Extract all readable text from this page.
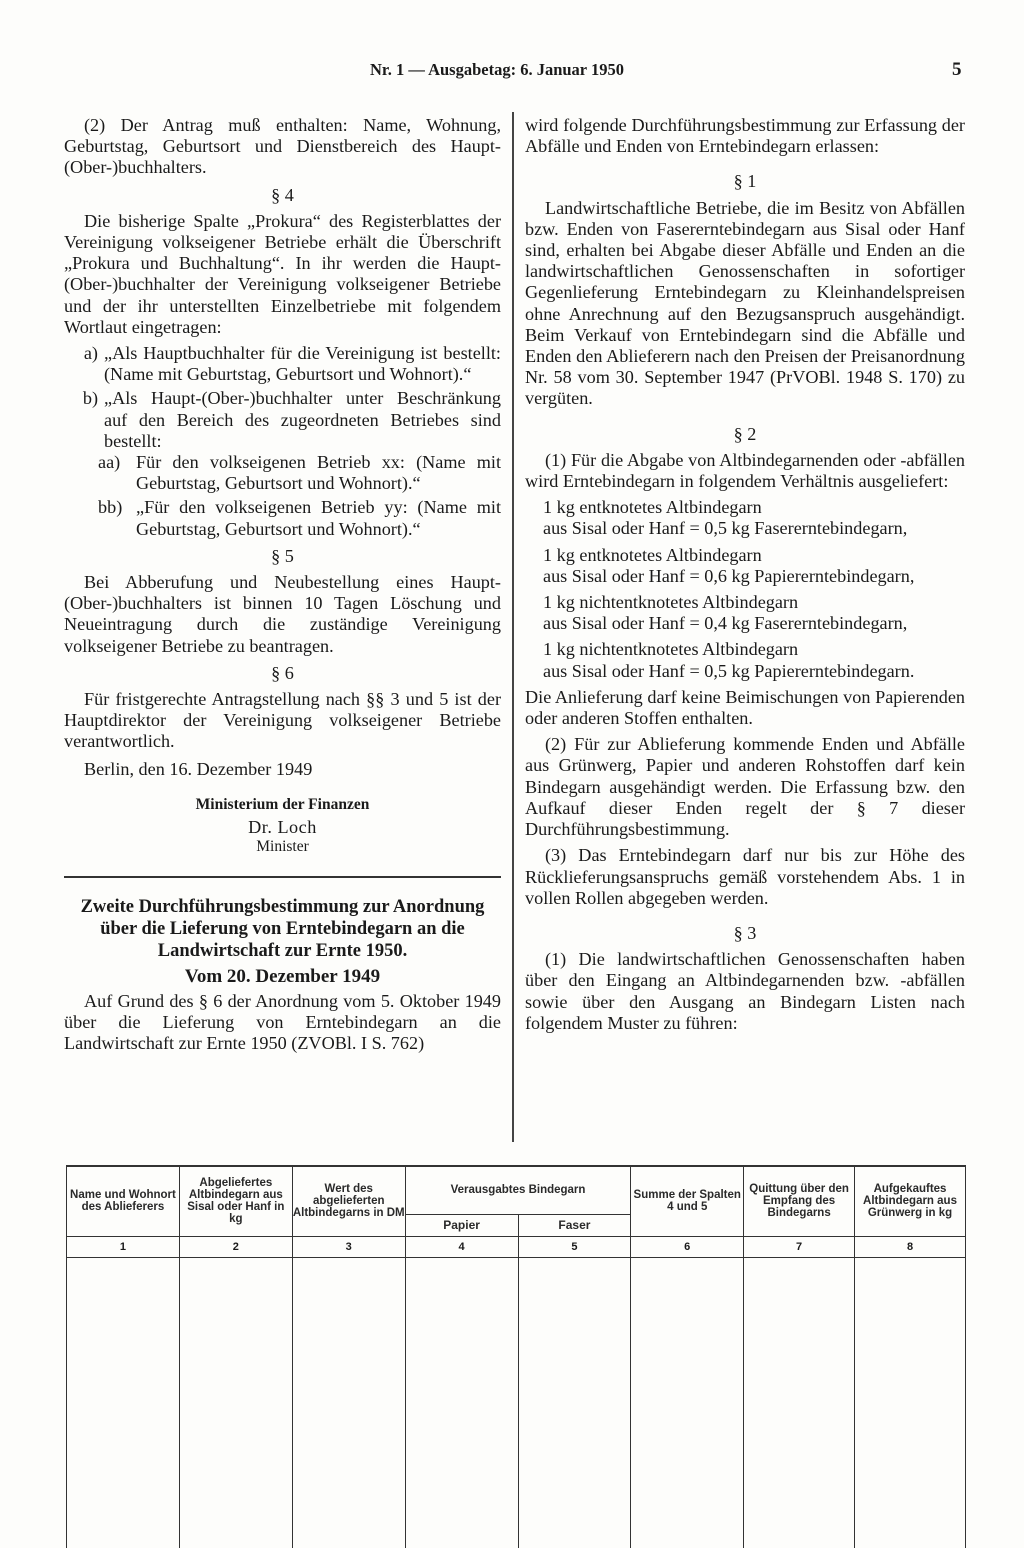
Nr. 1 — Ausgabetag: 6. Januar 1950	5

(2) Der Antrag muß enthalten: Name, Wohnung, Geburtstag, Geburtsort und Dienstbereich des Haupt-(Ober-)buchhalters.

§ 4

Die bisherige Spalte „Prokura“ des Registerblattes der Vereinigung volkseigener Betriebe erhält die Überschrift „Prokura und Buchhaltung“. In ihr werden die Haupt-(Ober-)buchhalter der Vereinigung volkseigener Betriebe und der ihr unterstellten Einzelbetriebe mit folgendem Wortlaut eingetragen:

a) „Als Hauptbuchhalter für die Vereinigung ist bestellt: (Name mit Geburtstag, Geburtsort und Wohnort).“
b) „Als Haupt-(Ober-)buchhalter unter Beschränkung auf den Bereich des zugeordneten Betriebes sind bestellt:
aa) Für den volkseigenen Betrieb xx: (Name mit Geburtstag, Geburtsort und Wohnort).“
bb) „Für den volkseigenen Betrieb yy: (Name mit Geburtstag, Geburtsort und Wohnort).“

§ 5

Bei Abberufung und Neubestellung eines Haupt-(Ober-)buchhalters ist binnen 10 Tagen Löschung und Neueintragung durch die zuständige Vereinigung volkseigener Betriebe zu beantragen.

§ 6

Für fristgerechte Antragstellung nach §§ 3 und 5 ist der Hauptdirektor der Vereinigung volkseigener Betriebe verantwortlich.

Berlin, den 16. Dezember 1949

Ministerium der Finanzen

Dr. Loch

Minister

Zweite Durchführungsbestimmung zur Anordnung über die Lieferung von Erntebindegarn an die Landwirtschaft zur Ernte 1950.

Vom 20. Dezember 1949

Auf Grund des § 6 der Anordnung vom 5. Oktober 1949 über die Lieferung von Erntebindegarn an die Landwirtschaft zur Ernte 1950 (ZVOBl. I S. 762)

wird folgende Durchführungsbestimmung zur Erfassung der Abfälle und Enden von Erntebindegarn erlassen:

§ 1

Landwirtschaftliche Betriebe, die im Besitz von Abfällen bzw. Enden von Fasererntebindegarn aus Sisal oder Hanf sind, erhalten bei Abgabe dieser Abfälle und Enden an die landwirtschaftlichen Genossenschaften in sofortiger Gegenlieferung Erntebindegarn zu Kleinhandelspreisen ohne Anrechnung auf den Bezugsanspruch ausgehändigt. Beim Verkauf von Erntebindegarn sind die Abfälle und Enden den Ablieferern nach den Preisen der Preisanordnung Nr. 58 vom 30. September 1947 (PrVOBl. 1948 S. 170) zu vergüten.

§ 2

(1) Für die Abgabe von Altbindegarnenden oder -abfällen wird Erntebindegarn in folgendem Verhältnis ausgeliefert:

1 kg entknotetes Altbindegarn

aus Sisal oder Hanf = 0,5 kg Fasererntebindegarn,

1 kg entknotetes Altbindegarn

aus Sisal oder Hanf = 0,6 kg Papiererntebindegarn,

1 kg nichtentknotetes Altbindegarn

aus Sisal oder Hanf = 0,4 kg Fasererntebindegarn,

1 kg nichtentknotetes Altbindegarn

aus Sisal oder Hanf = 0,5 kg Papiererntebindegarn.

Die Anlieferung darf keine Beimischungen von Papierenden oder anderen Stoffen enthalten.

(2) Für zur Ablieferung kommende Enden und Abfälle aus Grünwerg, Papier und anderen Rohstoffen darf kein Bindegarn ausgehändigt werden. Die Erfassung bzw. den Aufkauf dieser Enden regelt der § 7 dieser Durchführungsbestimmung.

(3) Das Erntebindegarn darf nur bis zur Höhe des Rücklieferungsanspruchs gemäß vorstehendem Abs. 1 in vollen Rollen abgegeben werden.

§ 3

(1) Die landwirtschaftlichen Genossenschaften haben über den Eingang an Altbindegarnenden bzw. -abfällen sowie über den Ausgang an Bindegarn Listen nach folgendem Muster zu führen:

Name und Wohnort des Ablieferers	Abgeliefertes Altbindegarn aus Sisal oder Hanf in kg	Wert des abgelieferten Altbindegarns in DM	Verausgabtes Bindegarn		Summe der Spalten 4 und 5	Quittung über den Empfang des Bindegarns	Aufgekauftes Altbindegarn aus Grünwerg in kg
			Papier	Faser			
1	2	3	4	5	6	7	8
